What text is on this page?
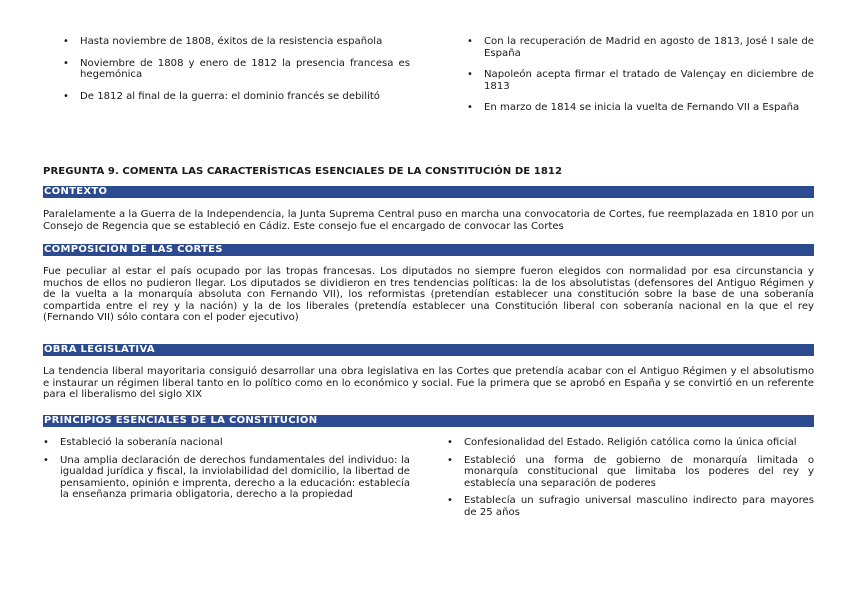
• Hasta noviembre de 1808, éxitos de la resistencia española
• Noviembre de 1808 y enero de 1812 la presencia francesa es hegemónica
• De 1812 al final de la guerra: el dominio francés se debilitó
• Con la recuperación de Madrid en agosto de 1813, José I sale de España
• Napoleón acepta firmar el tratado de Valençay en diciembre de 1813
• En marzo de 1814 se inicia la vuelta de Fernando VII a España
PREGUNTA 9. COMENTA LAS CARACTERÍSTICAS ESENCIALES DE LA CONSTITUCIÓN DE 1812
CONTEXTO
Paralelamente a la Guerra de la Independencia, la Junta Suprema Central puso en marcha una convocatoria de Cortes, fue reemplazada en 1810 por un Consejo de Regencia que se estableció en Cádiz. Este consejo fue el encargado de convocar las Cortes
COMPOSICIÓN DE LAS CORTES
Fue peculiar al estar el país ocupado por las tropas francesas. Los diputados no siempre fueron elegidos con normalidad por esa circunstancia y muchos de ellos no pudieron llegar. Los diputados se dividieron en tres tendencias políticas: la de los absolutistas (defensores del Antiguo Régimen y de la vuelta a la monarquía absoluta con Fernando VII), los reformistas (pretendían establecer una constitución sobre la base de una soberanía compartida entre el rey y la nación) y la de los liberales (pretendía establecer una Constitución liberal con soberanía nacional en la que el rey (Fernando VII) sólo contara con el poder ejecutivo)
OBRA LEGISLATIVA
La tendencia liberal mayoritaria consiguió desarrollar una obra legislativa en las Cortes que pretendía acabar con el Antiguo Régimen y el absolutismo e instaurar un régimen liberal tanto en lo político como en lo económico y social. Fue la primera que se aprobó en España y se convirtió en un referente para el liberalismo del siglo XIX
PRINCIPIOS ESENCIALES DE LA CONSTITUCIÓN
• Estableció la soberanía nacional
• Una amplia declaración de derechos fundamentales del individuo: la igualdad jurídica y fiscal, la inviolabilidad del domicilio, la libertad de pensamiento, opinión e imprenta, derecho a la educación: establecía la enseñanza primaria obligatoria, derecho a la propiedad
• Confesionalidad del Estado. Religión católica como la única oficial
• Estableció una forma de gobierno de monarquía limitada o monarquía constitucional que limitaba los poderes del rey y establecía una separación de poderes
• Establecía un sufragio universal masculino indirecto para mayores de 25 años
